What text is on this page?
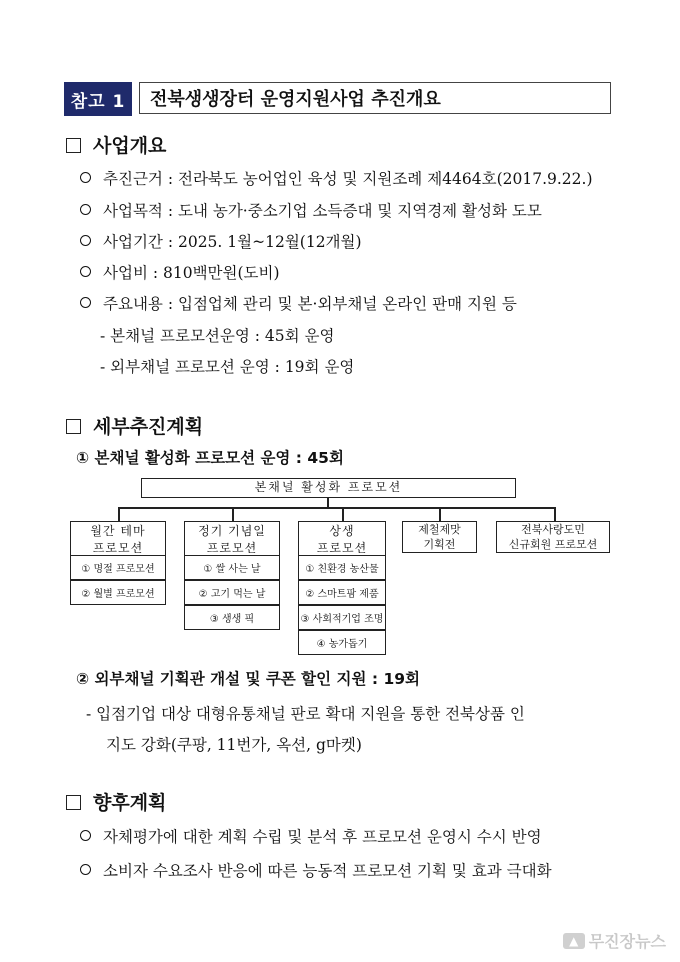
참고 1	전북생생장터 운영지원사업 추진개요
사업개요
추진근거 : 전라북도 농어업인 육성 및 지원조례 제4464호(2017.9.22.)
사업목적 : 도내 농가·중소기업 소득증대 및 지역경제 활성화 도모
사업기간 : 2025. 1월~12월(12개월)
사업비 : 810백만원(도비)
주요내용 : 입점업체 관리 및 본·외부채널 온라인 판매 지원 등
- 본채널 프로모션운영 : 45회 운영
- 외부채널 프로모션 운영 : 19회 운영
세부추진계획
① 본채널 활성화 프로모션 운영 : 45회
본채널 활성화 프로모션
월간 테마
프로모션
정기 기념일
프로모션
상생
프로모션
제철제맛
기획전
전북사랑도민
신규회원 프로모션
① 명절 프로모션
② 월별 프로모션
① 쌀 사는 날
② 고기 먹는 날
③ 생생 픽
① 친환경 농산물
② 스마트팜 제품
③ 사회적기업 조명
④ 농가돕기
② 외부채널 기획관 개설 및 쿠폰 할인 지원 : 19회
- 입점기업 대상 대형유통채널 판로 확대 지원을 통한 전북상품 인
지도 강화(쿠팡, 11번가, 옥션, g마켓)
향후계획
자체평가에 대한 계획 수립 및 분석 후 프로모션 운영시 수시 반영
소비자 수요조사 반응에 따른 능동적 프로모션 기획 및 효과 극대화
▲ 무진장뉴스
